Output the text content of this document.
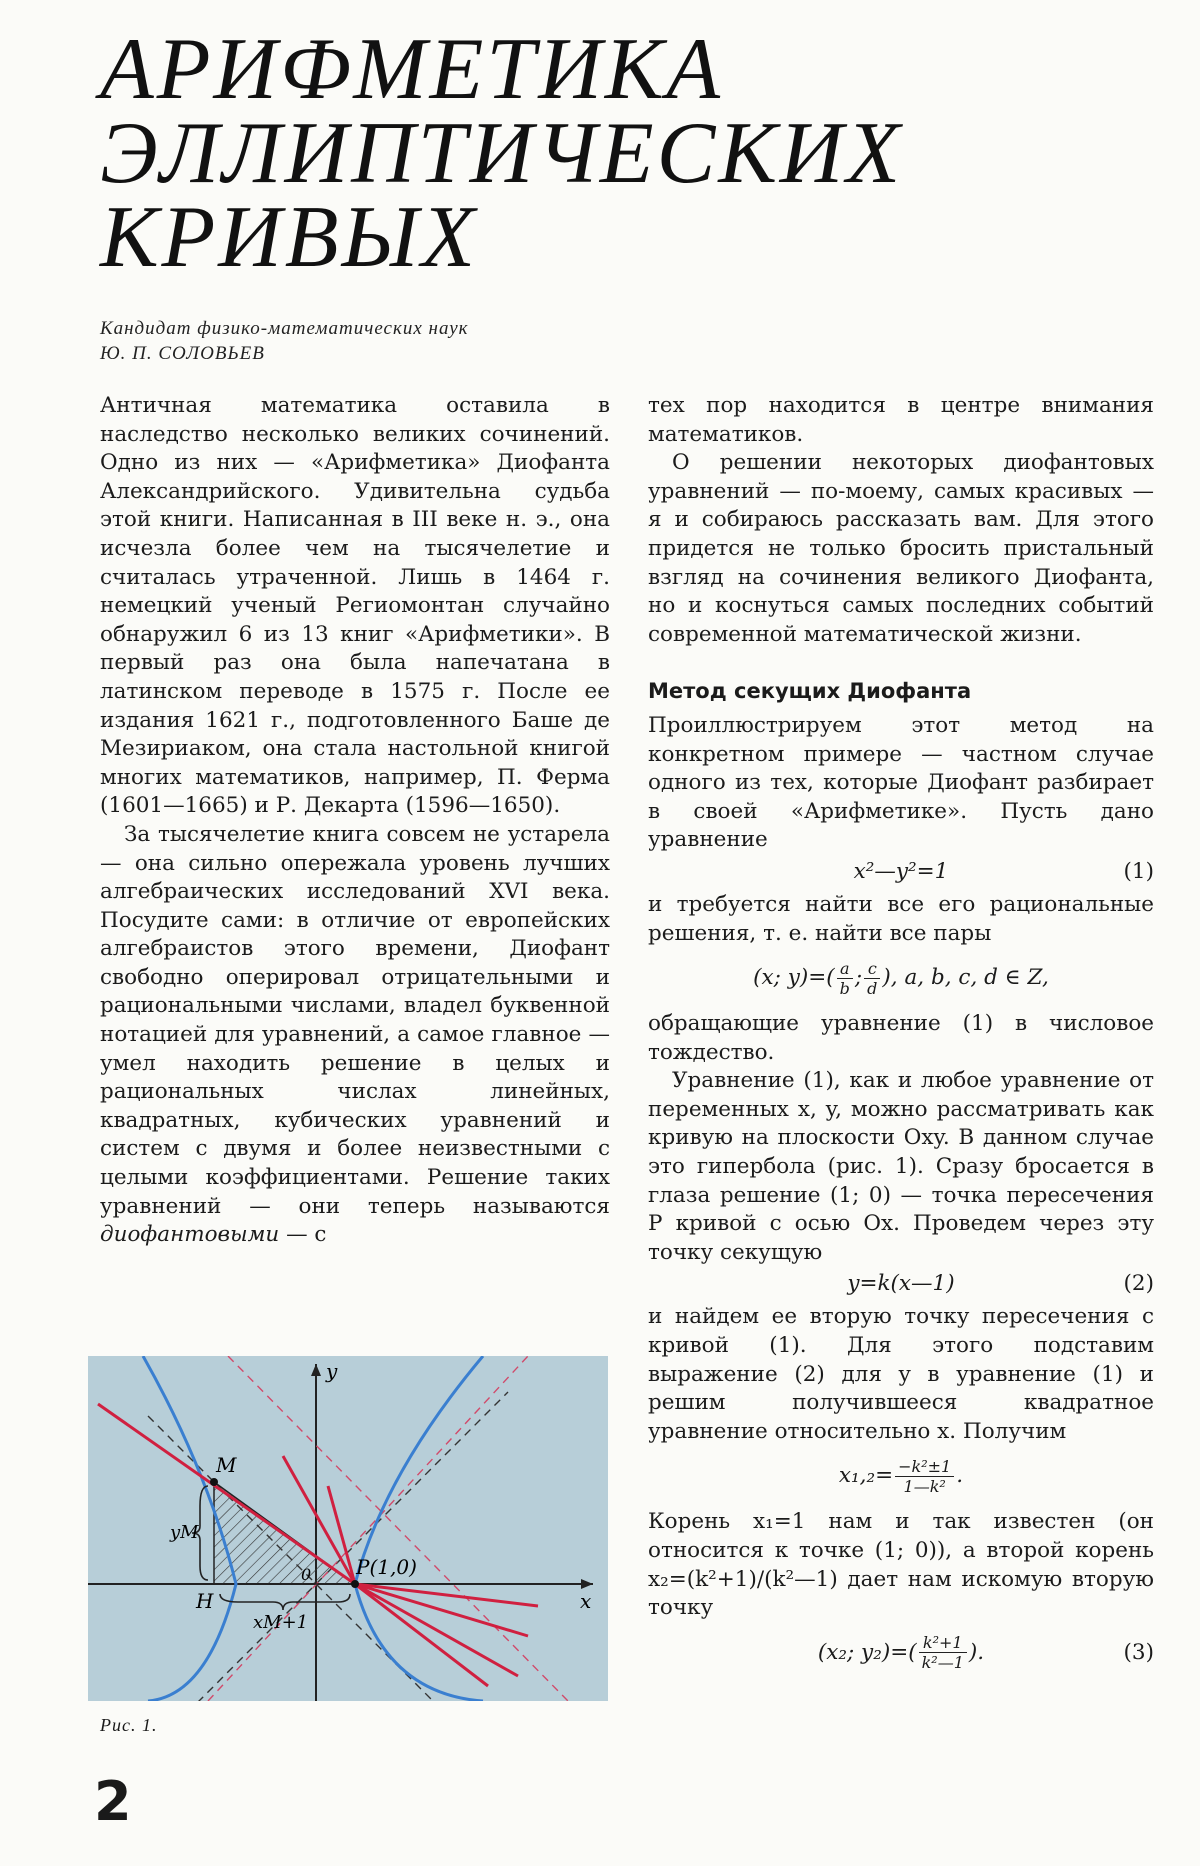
АРИФМЕТИКА
ЭЛЛИПТИЧЕСКИХ
КРИВЫХ
Кандидат физико-математических наук
Ю. П. СОЛОВЬЕВ

Античная математика оставила в наследство несколько великих сочинений. Одно из них — «Арифметика» Диофанта Александрийского. Удивительна судьба этой книги. Написанная в III веке н. э., она исчезла более чем на тысячелетие и считалась утраченной. Лишь в 1464 г. немецкий ученый Региомонтан случайно обнаружил 6 из 13 книг «Арифметики». В первый раз она была напечатана в латинском переводе в 1575 г. После ее издания 1621 г., подготовленного Баше де Мезириаком, она стала настольной книгой многих математиков, например, П. Ферма (1601—1665) и Р. Декарта (1596—1650).

За тысячелетие книга совсем не устарела — она сильно опережала уровень лучших алгебраических исследований XVI века. Посудите сами: в отличие от европейских алгебраистов этого времени, Диофант свободно оперировал отрицательными и рациональными числами, владел буквенной нотацией для уравнений, а самое главное — умел находить решение в целых и рациональных числах линейных, квадратных, кубических уравнений и систем с двумя и более неизвестными с целыми коэффициентами. Решение таких уравнений — они теперь называются диофантовыми — с

тех пор находится в центре внимания математиков.

О решении некоторых диофантовых уравнений — по-моему, самых красивых — я и собираюсь рассказать вам. Для этого придется не только бросить пристальный взгляд на сочинения великого Диофанта, но и коснуться самых последних событий современной математической жизни.

Метод секущих Диофанта

Проиллюстрируем этот метод на конкретном примере — частном случае одного из тех, которые Диофант разбирает в своей «Арифметике». Пусть дано уравнение

x²—y²=1	(1)

и требуется найти все его рациональные решения, т. е. найти все пары

(x; $y)=( \frac{a}{b}$ ; $\frac{c}{d}$ ), a, b, c, d ∈ Z,

обращающие уравнение (1) в числовое тождество.

Уравнение (1), как и любое уравнение от переменных x, y, можно рассматривать как кривую на плоскости Oxy. В данном случае это гипербола (рис. 1). Сразу бросается в глаза решение (1; 0) — точка пересечения P кривой с осью Ox. Проведем через эту точку секущую

y=k(x—1)	(2)

и найдем ее вторую точку пересечения с кривой (1). Для этого подставим выражение (2) для y в уравнение (1) и решим получившееся квадратное уравнение относительно x. Получим

$x_1,_2= \frac{\text{−k²±1}}{\text{1—k²}}$ .

Корень x₁=1 нам и так известен (он относится к точке (1; 0)), а второй корень x₂=(k²+1)/(k²—1) дает нам искомую вторую точку

(x₂; $y_2)=( \frac{\text{k²+1}}{\text{k²—1}}$ ).	(3)
y
x
M
H
P(1,0)
yM
xM+1
0
Рис. 1.
2
